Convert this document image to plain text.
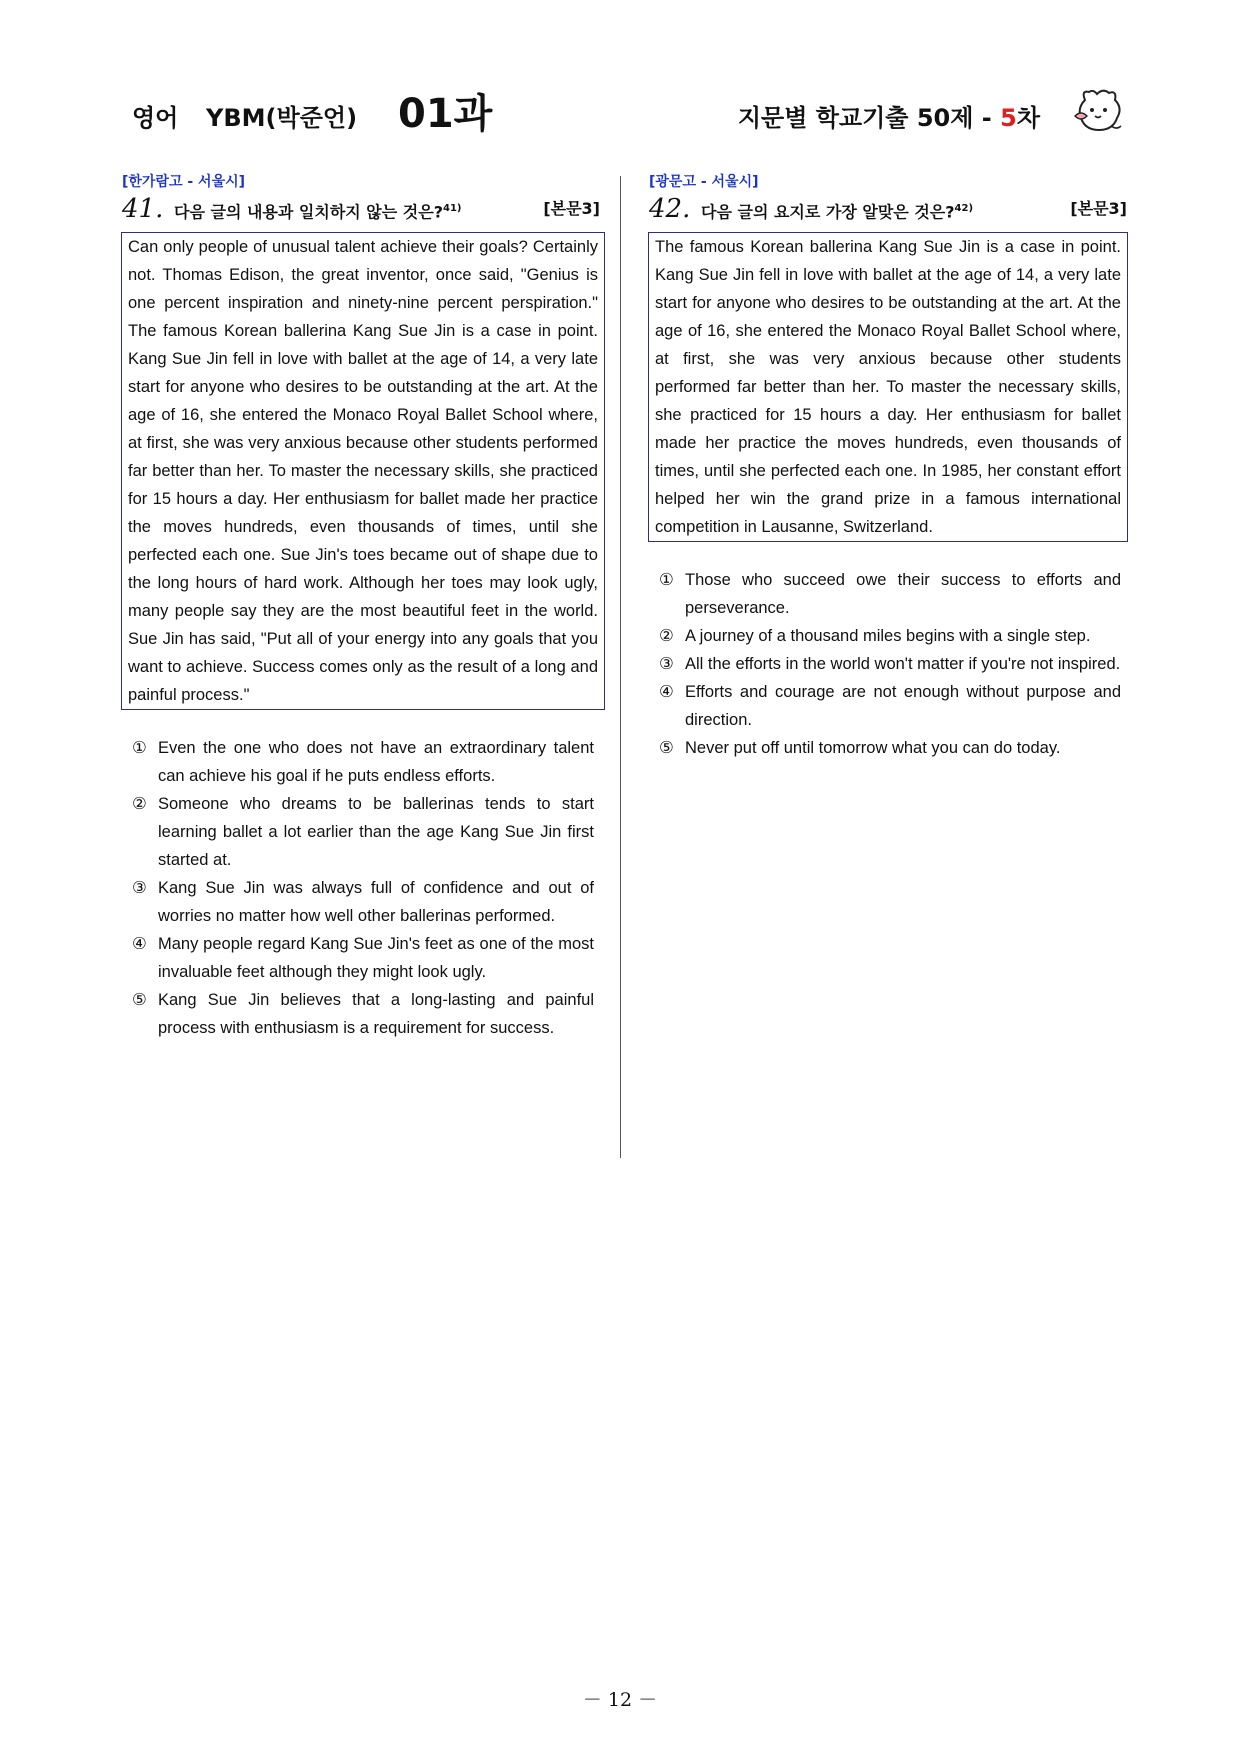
영어 YBM(박준언) 01과	지문별 학교기출 50제 - 5차
[한가람고 - 서울시]
41. 다음 글의 내용과 일치하지 않는 것은?$^{41)}$	[본문3]
Can only people of unusual talent achieve their goals? Certainly not. Thomas Edison, the great inventor, once said, "Genius is one percent inspiration and ninety-nine percent perspiration." The famous Korean ballerina Kang Sue Jin is a case in point. Kang Sue Jin fell in love with ballet at the age of 14, a very late start for anyone who desires to be outstanding at the art. At the age of 16, she entered the Monaco Royal Ballet School where, at first, she was very anxious because other students performed far better than her. To master the necessary skills, she practiced for 15 hours a day. Her enthusiasm for ballet made her practice the moves hundreds, even thousands of times, until she perfected each one. Sue Jin's toes became out of shape due to the long hours of hard work. Although her toes may look ugly, many people say they are the most beautiful feet in the world. Sue Jin has said, "Put all of your energy into any goals that you want to achieve. Success comes only as the result of a long and painful process."
① Even the one who does not have an extraordinary talent can achieve his goal if he puts endless efforts.
② Someone who dreams to be ballerinas tends to start learning ballet a lot earlier than the age Kang Sue Jin first started at.
③ Kang Sue Jin was always full of confidence and out of worries no matter how well other ballerinas performed.
④ Many people regard Kang Sue Jin's feet as one of the most invaluable feet although they might look ugly.
⑤ Kang Sue Jin believes that a long-lasting and painful process with enthusiasm is a requirement for success.
[광문고 - 서울시]
42. 다음 글의 요지로 가장 알맞은 것은?$^{42)}$	[본문3]
The famous Korean ballerina Kang Sue Jin is a case in point. Kang Sue Jin fell in love with ballet at the age of 14, a very late start for anyone who desires to be outstanding at the art. At the age of 16, she entered the Monaco Royal Ballet School where, at first, she was very anxious because other students performed far better than her. To master the necessary skills, she practiced for 15 hours a day. Her enthusiasm for ballet made her practice the moves hundreds, even thousands of times, until she perfected each one. In 1985, her constant effort helped her win the grand prize in a famous international competition in Lausanne, Switzerland.
① Those who succeed owe their success to efforts and perseverance.
② A journey of a thousand miles begins with a single step.
③ All the efforts in the world won't matter if you're not inspired.
④ Efforts and courage are not enough without purpose and direction.
⑤ Never put off until tomorrow what you can do today.
－ 12 －
